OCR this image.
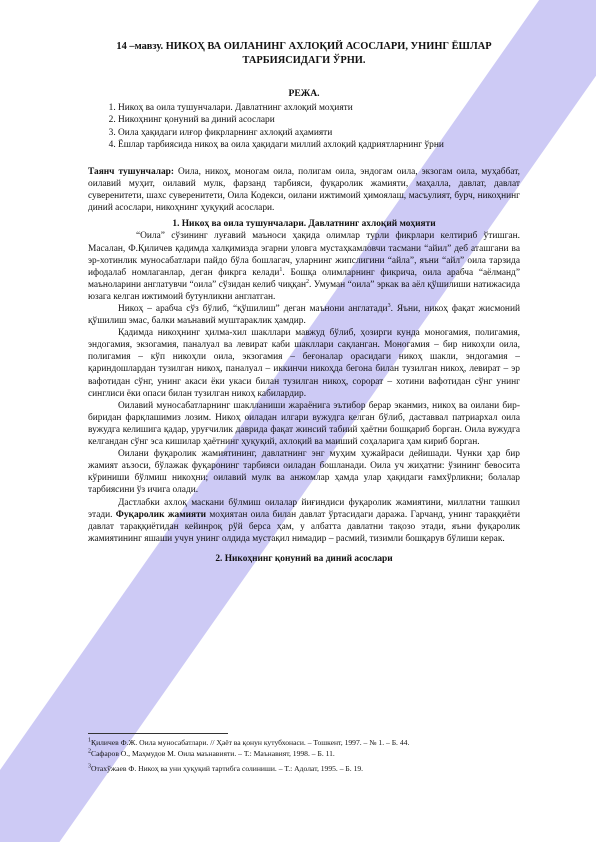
14 –мавзу. НИКОҲ ВА ОИЛАНИНГ АХЛОҚИЙ АСОСЛАРИ, УНИНГ ЁШЛАР ТАРБИЯСИДАГИ ЎРНИ.
РЕЖА.
1. Никоҳ ва оила тушунчалари. Давлатнинг ахлоқий моҳияти
2. Никоҳнинг қонуний ва диний асослари
3. Оила ҳақидаги илғор фикрларнинг ахлоқий аҳамияти
4. Ёшлар тарбиясида никоҳ ва оила ҳақидаги миллий ахлоқий қадриятларнинг ўрни

Таянч тушунчалар: Оила, никоҳ, моногам оила, полигам оила, эндогам оила, экзогам оила, муҳаббат, оилавий муҳит, оилавий мулк, фарзанд тарбияси, фуқаролик жамияти, маҳалла, давлат, давлат суверенитети, шахс суверенитети, Оила Кодекси, оилани ижтимоий ҳимоялаш, масъулият, бурч, никоҳнинг диний асослари, никоҳнинг ҳуқуқий асослари.

1. Никоҳ ва оила тушунчалари. Давлатнинг ахлоқий моҳияти

“Оила” сўзининг луғавий маъноси ҳақида олимлар турли фикрлари келтириб ўтишган. Масалан, Ф.Қиличев қадимда халқимизда эгарни уловга мустаҳкамловчи тасмани “айил” деб аташгани ва эр-хотинлик муносабатлари пайдо бўла бошлагач, уларнинг жипслигини “айла”, яъни “айл” оила тарзида ифодалаб номлаганлар, деган фикрга келади$^1$. Бошқа олимларнинг фикрича, оила арабча “аёлманд” маъноларини англатувчи “оила” сўзидан келиб чиққан$^2$. Умуман “оила” эркак ва аёл қўшилиши натижасида юзага келган ижтимоий бутунликни англатган.

Никоҳ – арабча сўз бўлиб, “қўшилиш” деган маънони англатади$^3$. Яъни, никоҳ фақат жисмоний қўшилиш эмас, балки маънавий муштараклик ҳамдир.

Қадимда никоҳнинг ҳилма-хил шакллари мавжуд бўлиб, ҳозирги кунда моногамия, полигамия, эндогамия, экзогамия, паналуал ва левират каби шакллари сақланган. Моногамия – бир никоҳли оила, полигамия – кўп никоҳли оила, экзогамия – беғоналар орасидаги никоҳ шакли, эндогамия – қариндошлардан тузилган никоҳ, паналуал – иккинчи никоҳда бегона билан тузилган никоҳ, левират – эр вафотидан сўнг, унинг акаси ёки укаси билан тузилган никоҳ, сорорат – хотини вафотидан сўнг унинг синглиси ёки опаси билан тузилган никоҳ кабилардир.

Оилавий муносабатларнинг шаклланиши жараёнига эътибор берар эканмиз, никоҳ ва оилани бир-биридан фарқлашимиз лозим. Никоҳ оиладан илгари вужудга келган бўлиб, даставвал патриархал оила вужудга келишига қадар, уруғчилик даврида фақат жинсий табиий ҳаётни бошқариб борган. Оила вужудга келгандан сўнг эса кишилар ҳаётнинг ҳуқуқий, ахлоқий ва маиший соҳаларига ҳам кириб борган.

Оилани фуқаролик жамиятининг, давлатнинг энг муҳим ҳужайраси дейишади. Чунки ҳар бир жамият аъзоси, бўлажак фуқаронинг тарбияси оиладан бошланади. Оила уч жиҳатни: ўзининг бевосита кўриниши бўлмиш никоҳни; оилавий мулк ва анжомлар ҳамда улар ҳақидаги ғамхўрликни; болалар тарбиясини ўз ичига олади.

Дастлабки ахлоқ маскани бўлмиш оилалар йиғиндиси фуқаролик жамиятини, миллатни ташкил этади. Фуқаролик жамияти моҳиятан оила билан давлат ўртасидаги даража. Гарчанд, унинг тараққиёти давлат тараққиётидан кейинроқ рўй берса ҳам, у албатта давлатни тақозо этади, яъни фуқаролик жамиятининг яшаши учун унинг олдида мустақил нимадир – расмий, тизимли бошқарув бўлиши керак.

2. Никоҳнинг қонуний ва диний асослари

$^1$Қиличев Ф.Ж. Оила муносабатлари. // Ҳаёт ва қонун кутубхонаси. – Тошкент, 1997. – № 1. – Б. 44.

$^2$Сафаров О., Маҳмудов М. Оила маънавияти. – Т.: Маънавият, 1998. – Б. 11.

$^3$Отахўжаев Ф. Никоҳ ва уни ҳуқуқий тартибга солиниши. – Т.: Адолат, 1995. – Б. 19.
